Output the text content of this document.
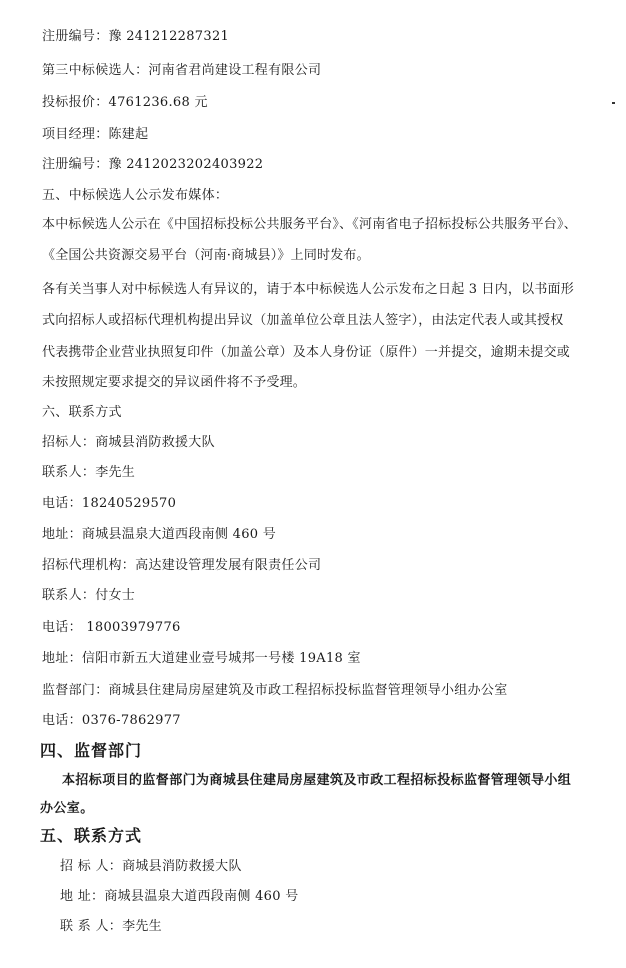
注册编号：豫 241212287321
第三中标候选人：河南省君尚建设工程有限公司
投标报价：4761236.68 元
项目经理：陈建起
注册编号：豫 2412023202403922
五、中标候选人公示发布媒体：
本中标候选人公示在《中国招标投标公共服务平台》、《河南省电子招标投标公共服务平台》、
《全国公共资源交易平台（河南·商城县）》上同时发布。
各有关当事人对中标候选人有异议的，请于本中标候选人公示发布之日起 3 日内，以书面形
式向招标人或招标代理机构提出异议（加盖单位公章且法人签字），由法定代表人或其授权
代表携带企业营业执照复印件（加盖公章）及本人身份证（原件）一并提交，逾期未提交或
未按照规定要求提交的异议函件将不予受理。
六、联系方式
招标人：商城县消防救援大队
联系人：李先生
电话：18240529570
地址：商城县温泉大道西段南侧 460 号
招标代理机构：高达建设管理发展有限责任公司
联系人：付女士
电话： 18003979776
地址：信阳市新五大道建业壹号城邦一号楼 19A18 室
监督部门：商城县住建局房屋建筑及市政工程招标投标监督管理领导小组办公室
电话：0376-7862977
四、监督部门
本招标项目的监督部门为商城县住建局房屋建筑及市政工程招标投标监督管理领导小组
办公室。
五、联系方式
招 标 人：商城县消防救援大队
地 址：商城县温泉大道西段南侧 460 号
联 系 人：李先生
